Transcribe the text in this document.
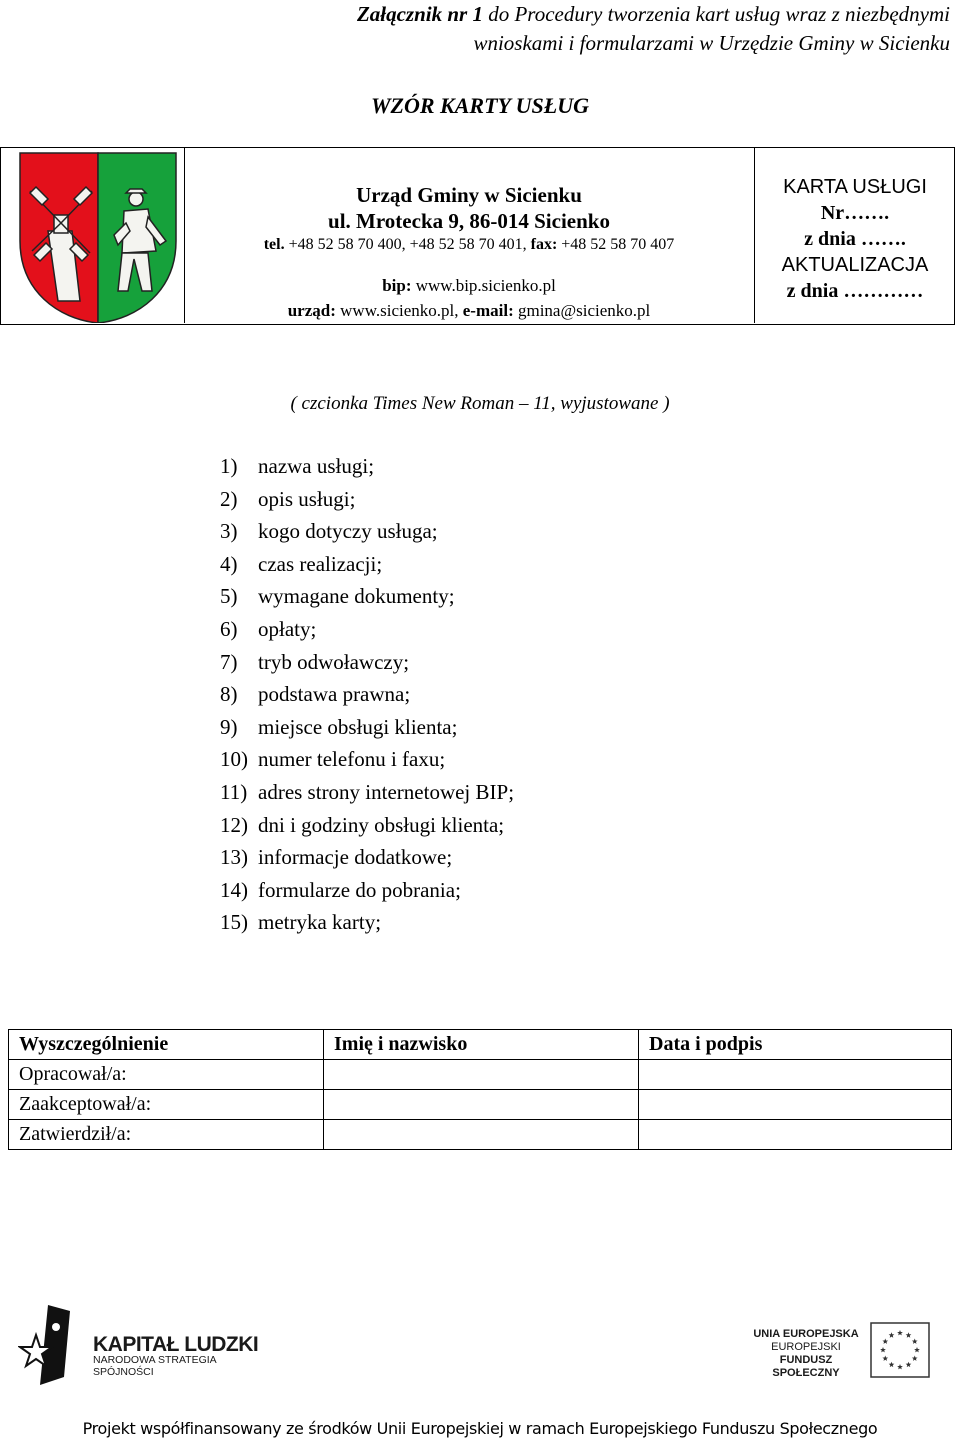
Załącznik nr 1 do Procedury tworzenia kart usług wraz z niezbędnymi
wnioskami i formularzami w Urzędzie Gminy w Sicienku
WZÓR KARTY USŁUG
Urząd Gminy w Sicienku
ul. Mrotecka 9, 86-014 Sicienko
tel. +48 52 58 70 400, +48 52 58 70 401, fax: +48 52 58 70 407
bip: www.bip.sicienko.pl
urząd: www.sicienko.pl, e-mail: gmina@sicienko.pl
KARTA USŁUGI
Nr…….
z dnia …….
AKTUALIZACJA
z dnia …………
( czcionka Times New Roman – 11, wyjustowane )
1) nazwa usługi;
2) opis usługi;
3) kogo dotyczy usługa;
4) czas realizacji;
5) wymagane dokumenty;
6) opłaty;
7) tryb odwoławczy;
8) podstawa prawna;
9) miejsce obsługi klienta;
10) numer telefonu i faxu;
11) adres strony internetowej BIP;
12) dni i godziny obsługi klienta;
13) informacje dodatkowe;
14) formularze do pobrania;
15) metryka karty;
Wyszczególnienie	Imię i nazwisko	Data i podpis
Opracował/a:		
Zaakceptował/a:		
Zatwierdził/a:		
KAPITAŁ LUDZKI
NARODOWA STRATEGIA SPÓJNOŚCI
UNIA EUROPEJSKA
EUROPEJSKI
FUNDUSZ SPOŁECZNY
Projekt współfinansowany ze środków Unii Europejskiej w ramach Europejskiego Funduszu Społecznego
